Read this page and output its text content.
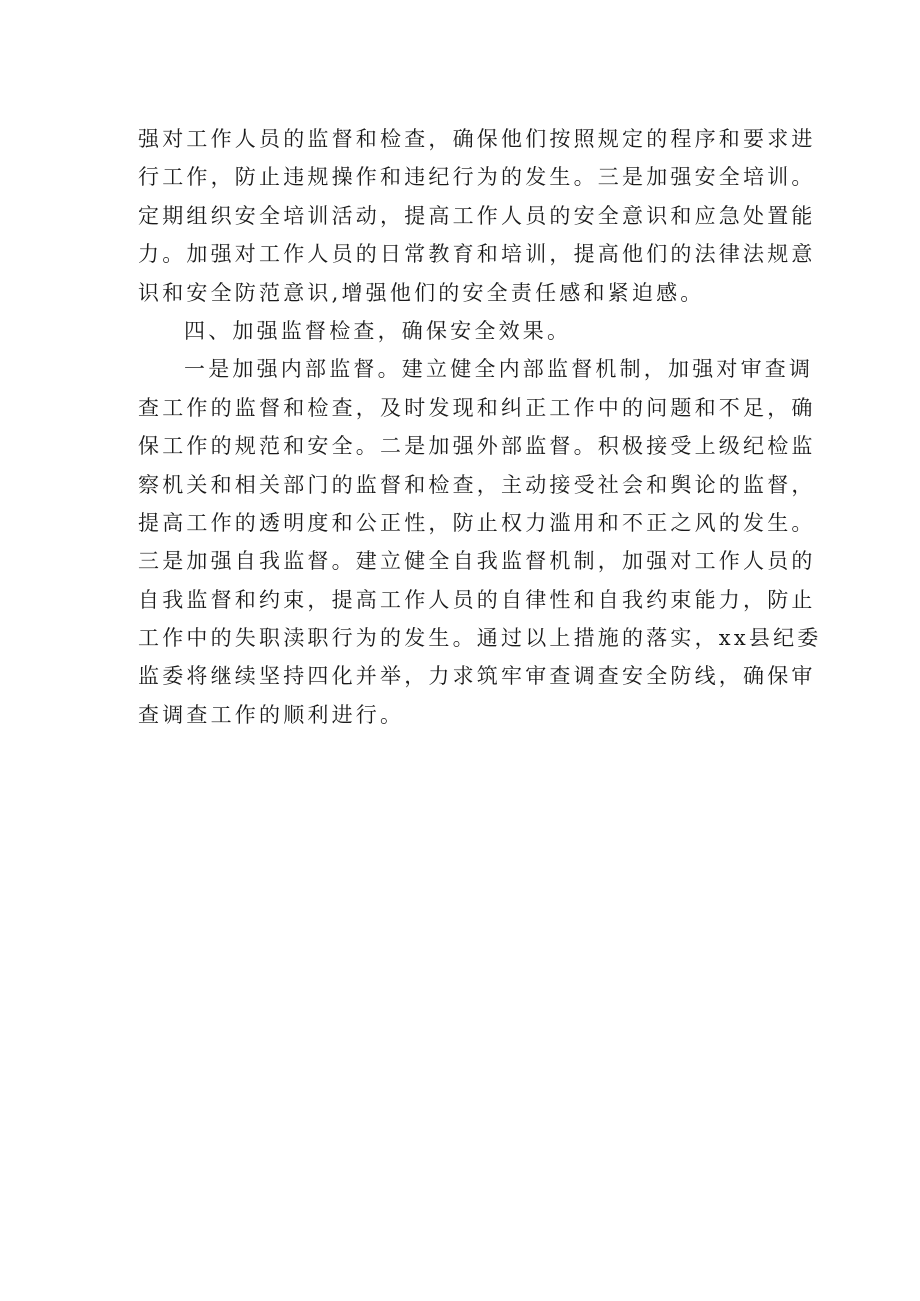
强对工作人员的监督和检查，确保他们按照规定的程序和要求进
行工作，防止违规操作和违纪行为的发生。三是加强安全培训。
定期组织安全培训活动，提高工作人员的安全意识和应急处置能
力。加强对工作人员的日常教育和培训，提高他们的法律法规意
识和安全防范意识,增强他们的安全责任感和紧迫感。
四、加强监督检查，确保安全效果。
一是加强内部监督。建立健全内部监督机制，加强对审查调
查工作的监督和检查，及时发现和纠正工作中的问题和不足，确
保工作的规范和安全。二是加强外部监督。积极接受上级纪检监
察机关和相关部门的监督和检查，主动接受社会和舆论的监督，
提高工作的透明度和公正性，防止权力滥用和不正之风的发生。
三是加强自我监督。建立健全自我监督机制，加强对工作人员的
自我监督和约束，提高工作人员的自律性和自我约束能力，防止
工作中的失职渎职行为的发生。通过以上措施的落实，xx县纪委
监委将继续坚持四化并举，力求筑牢审查调查安全防线，确保审
查调查工作的顺利进行。
